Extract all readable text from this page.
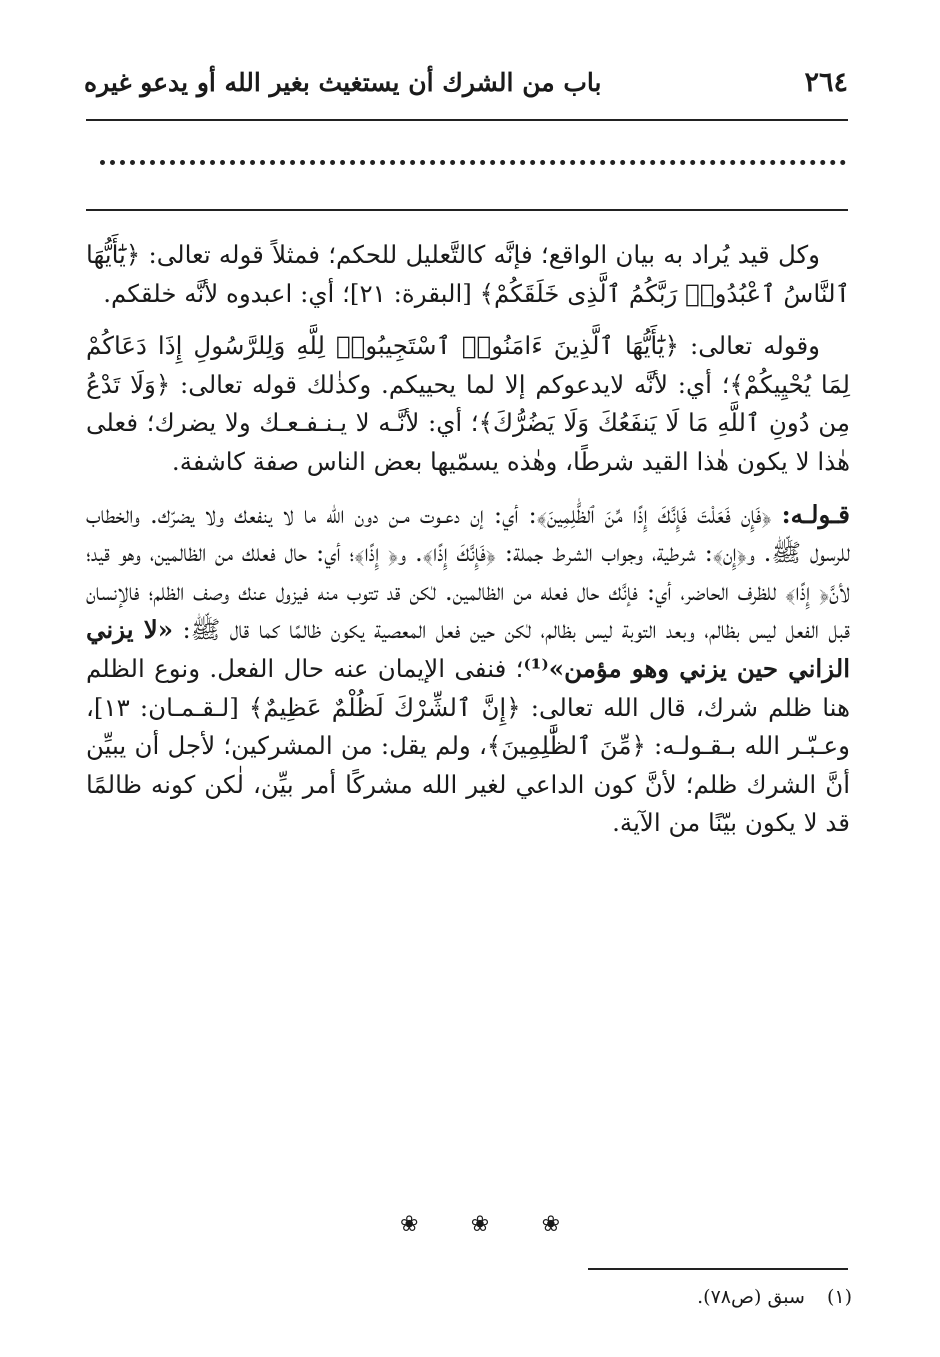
٢٦٤
باب من الشرك أن يستغيث بغير الله أو يدعو غيره

وكل قيد يُراد به بيان الواقع؛ فإنَّه كالتَّعليل للحكم؛ فمثلاً قوله تعالى: ﴿يَٰٓأَيُّهَا ٱلنَّاسُ ٱعْبُدُوا۟ رَبَّكُمُ ٱلَّذِى خَلَقَكُمْ﴾ [البقرة: ٢١]؛ أي: اعبدوه لأنَّه خلقكم.

وقوله تعالى: ﴿يَٰٓأَيُّهَا ٱلَّذِينَ ءَامَنُوا۟ ٱسْتَجِيبُوا۟ لِلَّهِ وَلِلرَّسُولِ إِذَا دَعَاكُمْ لِمَا يُحْيِيكُمْ﴾؛ أي: لأنَّه لايدعوكم إلا لما يحييكم. وكذٰلك قوله تعالى: ﴿وَلَا تَدْعُ مِن دُونِ ٱللَّهِ مَا لَا يَنفَعُكَ وَلَا يَضُرُّكَ﴾؛ أي: لأنَّـه لا يـنـفـعـك ولا يضرك؛ فعلى هٰذا لا يكون هٰذا القيد شرطًا، وهٰذه يسمّيها بعض الناس صفة كاشفة.

قـولـه: ﴿فَإِن فَعَلْتَ فَإِنَّكَ إِذًا مِّنَ ٱلظَّٰلِمِينَ﴾: أي: إن دعـوت مـن دون الله ما لا ينفعك ولا يضرّك. والخطاب للرسول ﷺ. و﴿إِن﴾: شرطية، وجواب الشرط جملة: ﴿فَإِنَّكَ إِذًا﴾. و﴿ إِذًا﴾؛ أي: حال فعلك من الظالمين، وهو قيد؛ لأنَّ﴿ إِذًا﴾ للظرف الحاضر، أي: فإنَّك حال فعله من الظالمين. لٰكن قد تتوب منه فيزول عنك وصف الظلم؛ فالإنسان قبل الفعل ليس بظالم، وبعد التوبة ليس بظالم، لٰكن حين فعل المعصية يكون ظالمًا كما قال ﷺ: «لا يزني الزاني حين يزني وهو مؤمن»⁽¹⁾؛ فنفى الإيمان عنه حال الفعل. ونوع الظلم هنا ظلم شرك، قال الله تعالى: ﴿إِنَّ ٱلشِّرْكَ لَظُلْمٌ عَظِيمٌ﴾ [لـقـمـان: ١٣]، وعـبّـر الله بـقـولـه: ﴿مِّنَ ٱلظَّٰلِمِينَ﴾، ولم يقل: من المشركين؛ لأجل أن يبيِّن أنَّ الشرك ظلم؛ لأنَّ كون الداعي لغير الله مشركًا أمر بيِّن، لٰكن كونه ظالمًا قد لا يكون بيّنًا من الآية.

❀
❀
❀
(١)
سبق (ص٧٨).
